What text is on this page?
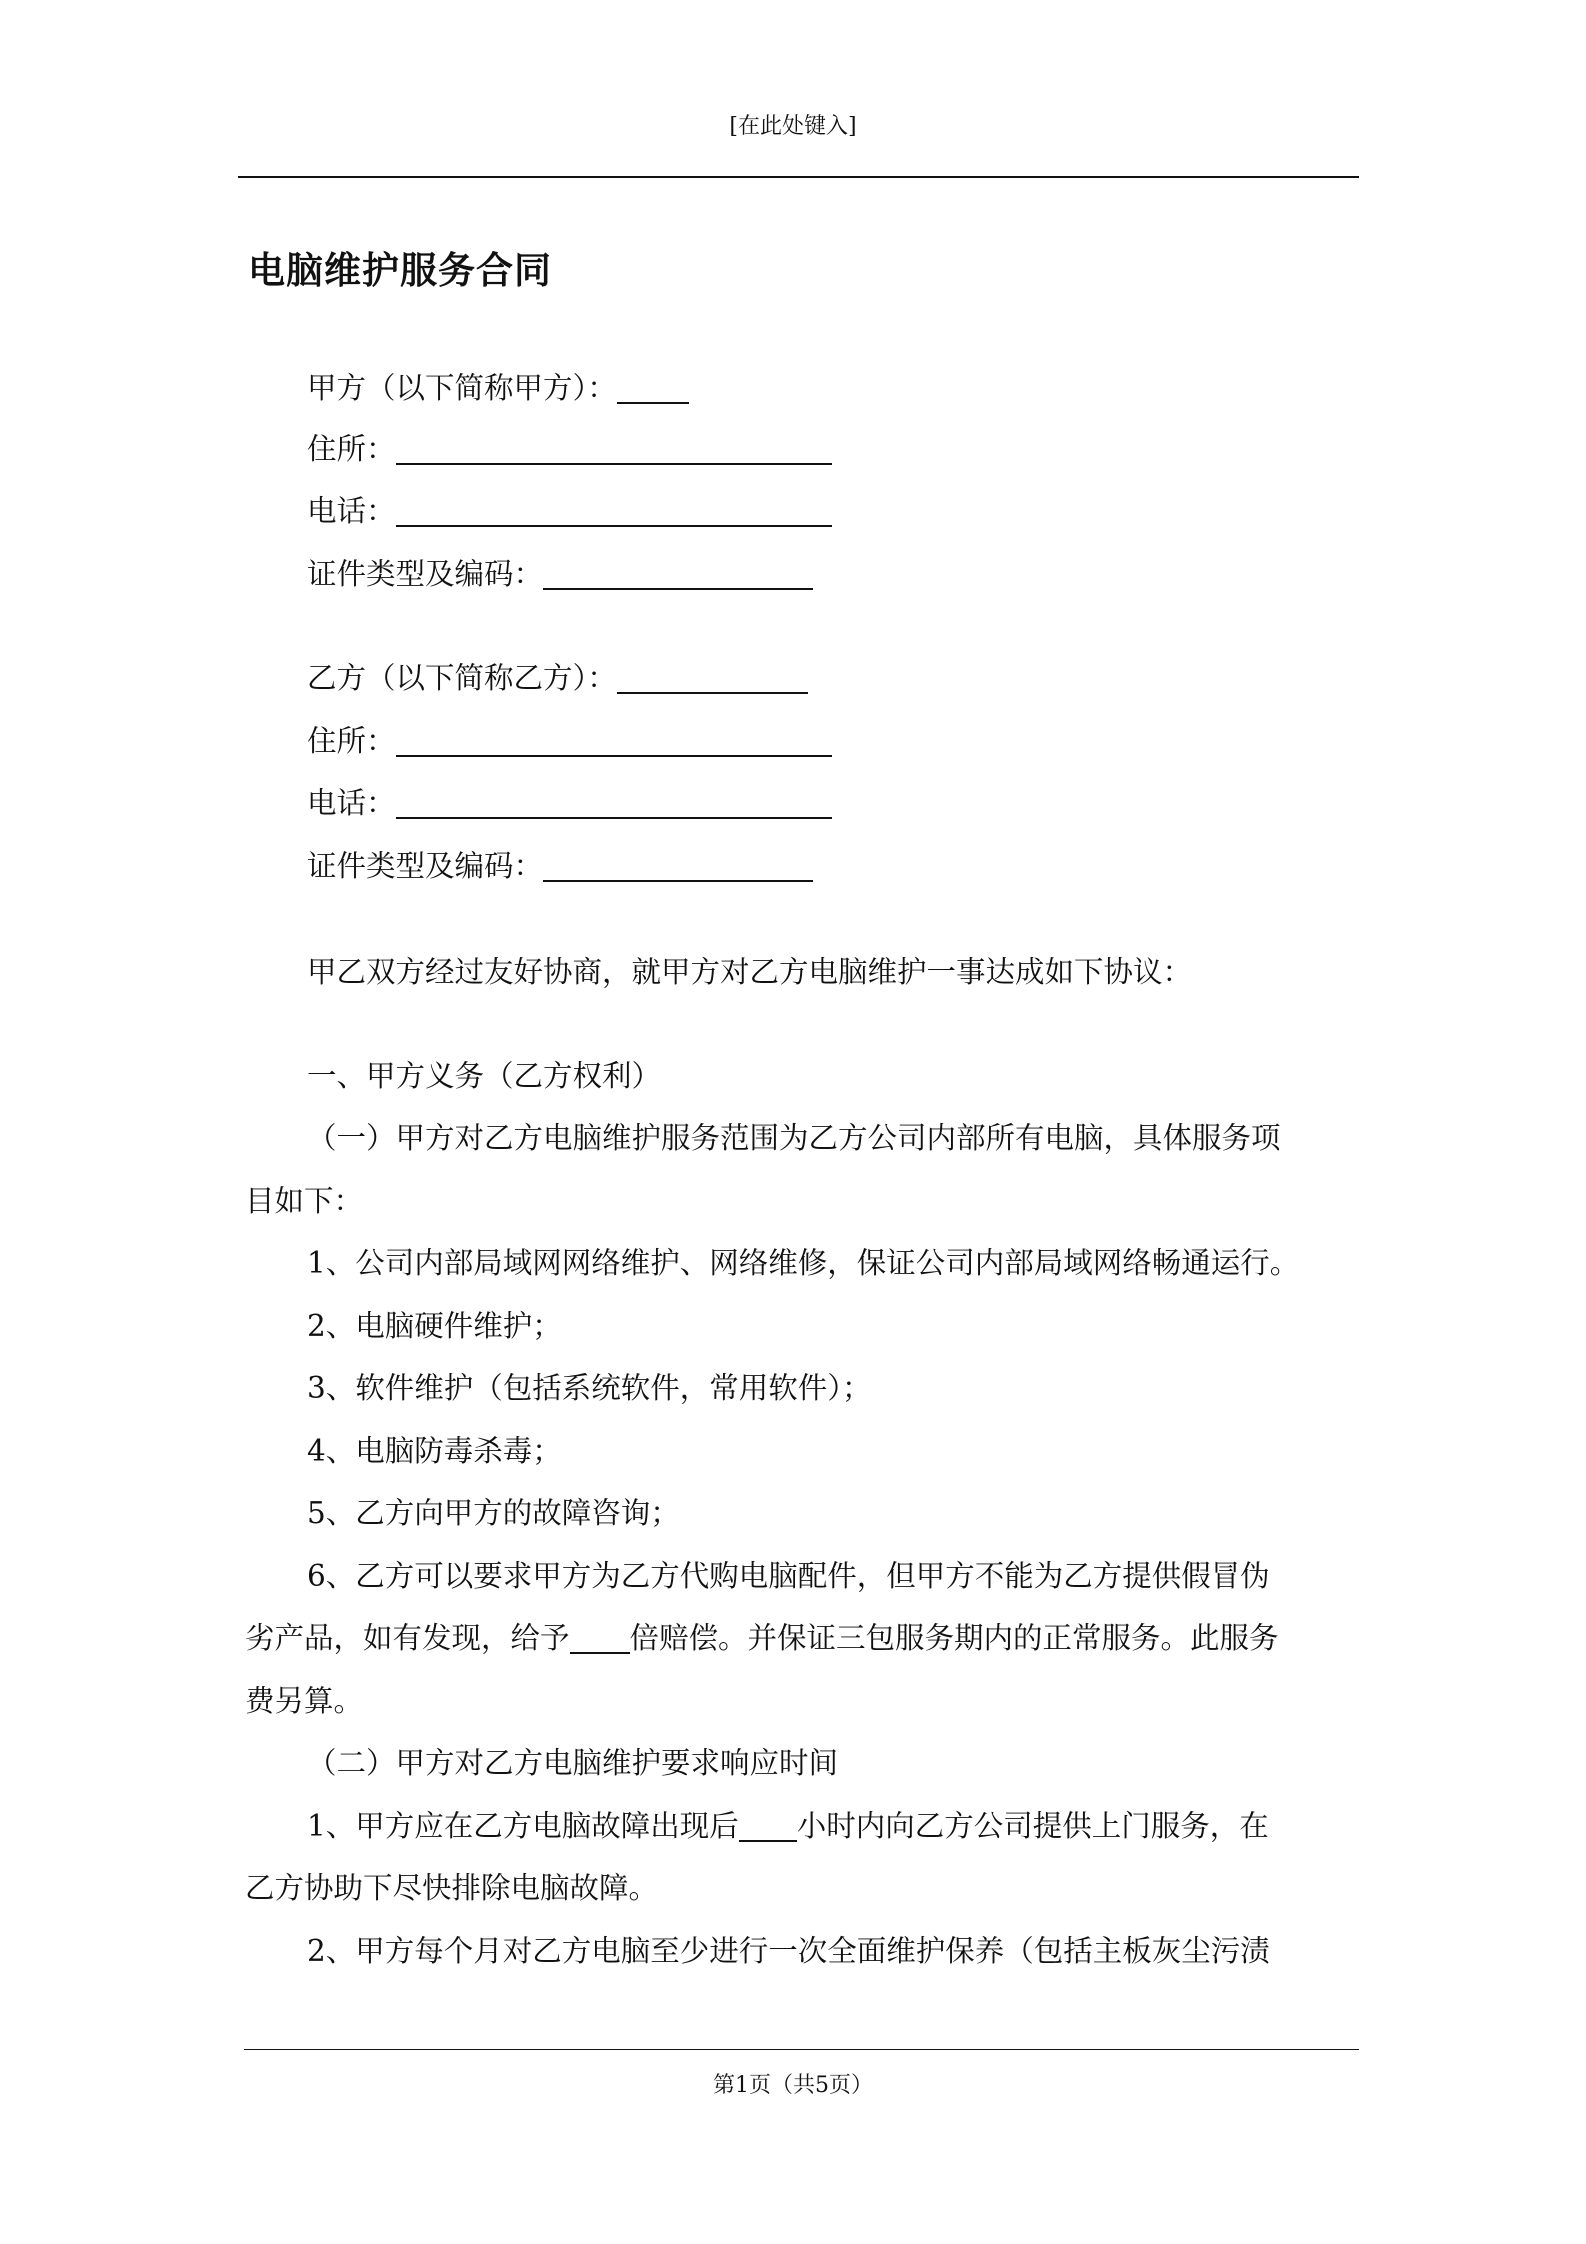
[在此处键入]
电脑维护服务合同
甲方（以下简称甲方）：
住所：
电话：
证件类型及编码：
乙方（以下简称乙方）：
住所：
电话：
证件类型及编码：
甲乙双方经过友好协商，就甲方对乙方电脑维护一事达成如下协议：
一、甲方义务（乙方权利）
（一）甲方对乙方电脑维护服务范围为乙方公司内部所有电脑，具体服务项
目如下：
1、公司内部局域网网络维护、网络维修，保证公司内部局域网络畅通运行。
2、电脑硬件维护；
3、软件维护（包括系统软件，常用软件）；
4、电脑防毒杀毒；
5、乙方向甲方的故障咨询；
6、乙方可以要求甲方为乙方代购电脑配件，但甲方不能为乙方提供假冒伪
劣产品，如有发现，给予 倍赔偿。并保证三包服务期内的正常服务。此服务
费另算。
（二）甲方对乙方电脑维护要求响应时间
1、甲方应在乙方电脑故障出现后 小时内向乙方公司提供上门服务，在
乙方协助下尽快排除电脑故障。
2、甲方每个月对乙方电脑至少进行一次全面维护保养（包括主板灰尘污渍
第1页（共5页）
